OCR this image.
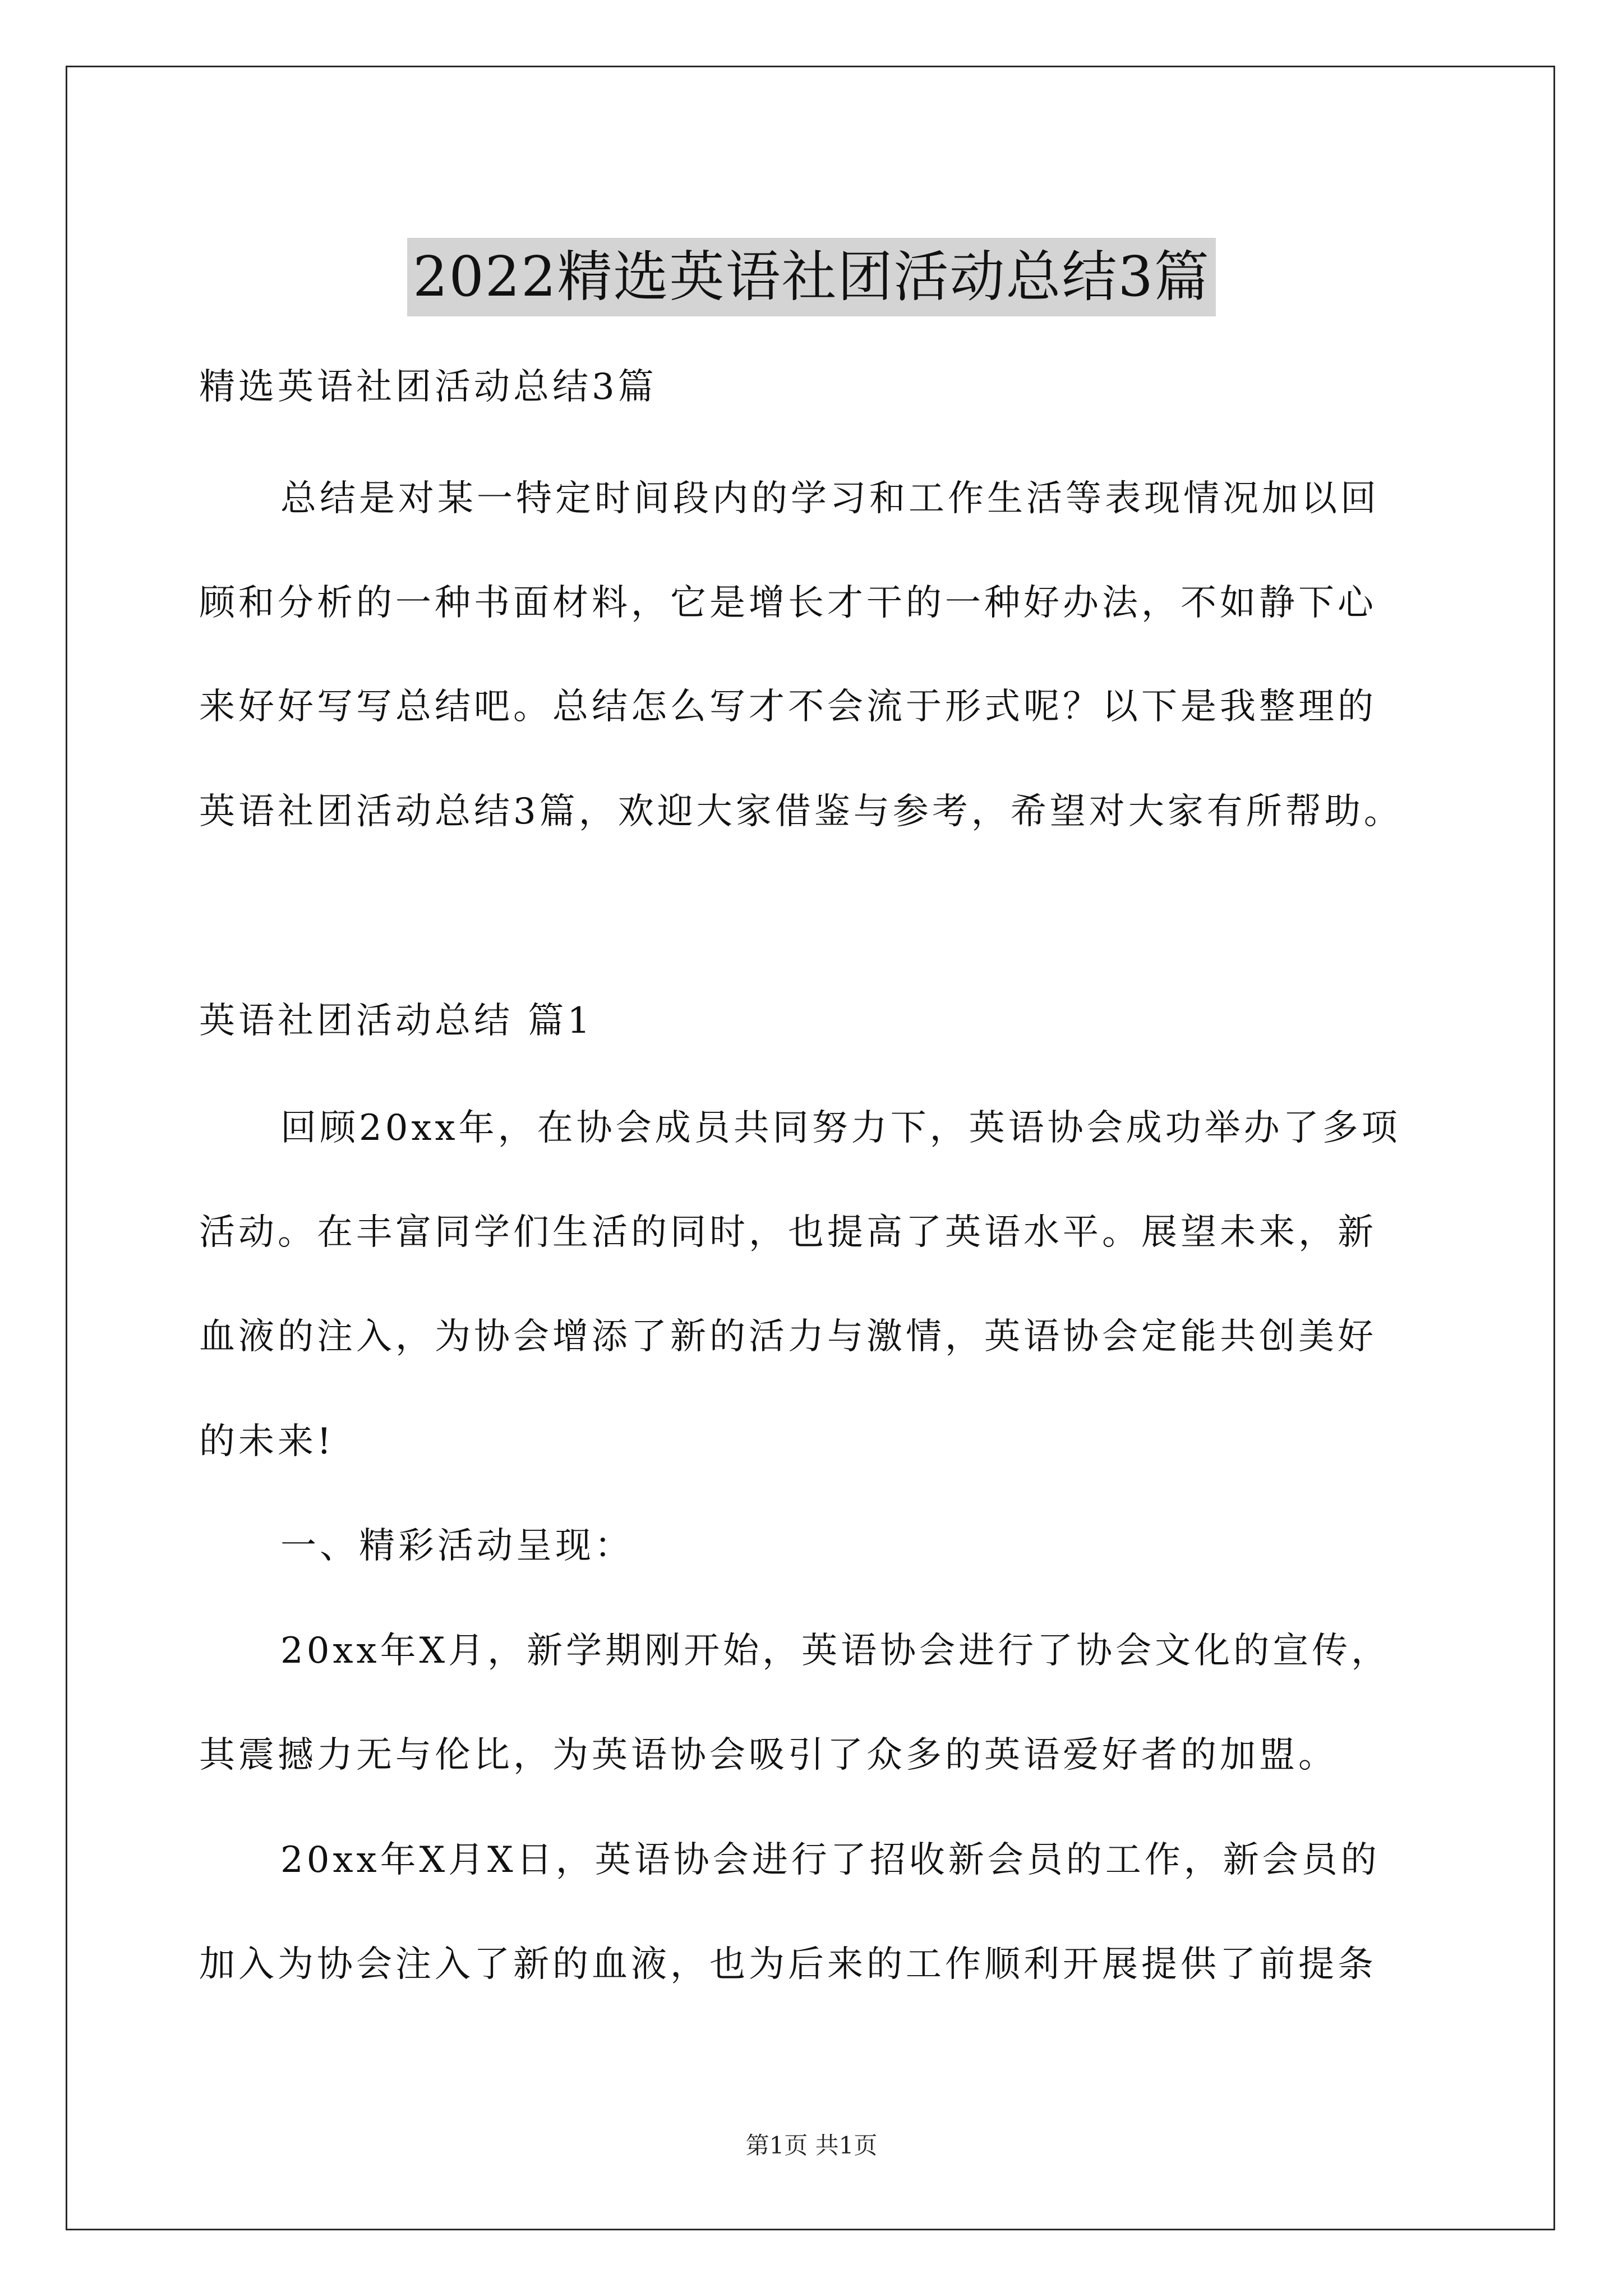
2022精选英语社团活动总结3篇
精选英语社团活动总结3篇
总结是对某一特定时间段内的学习和工作生活等表现情况加以回
顾和分析的一种书面材料，它是增长才干的一种好办法，不如静下心
来好好写写总结吧。总结怎么写才不会流于形式呢？以下是我整理的
英语社团活动总结3篇，欢迎大家借鉴与参考，希望对大家有所帮助。
英语社团活动总结 篇1
回顾20xx年，在协会成员共同努力下，英语协会成功举办了多项
活动。在丰富同学们生活的同时，也提高了英语水平。展望未来，新
血液的注入，为协会增添了新的活力与激情，英语协会定能共创美好
的未来!
一、精彩活动呈现：
20xx年X月，新学期刚开始，英语协会进行了协会文化的宣传，
其震撼力无与伦比，为英语协会吸引了众多的英语爱好者的加盟。
20xx年X月X日，英语协会进行了招收新会员的工作，新会员的
加入为协会注入了新的血液，也为后来的工作顺利开展提供了前提条
第1页 共1页
